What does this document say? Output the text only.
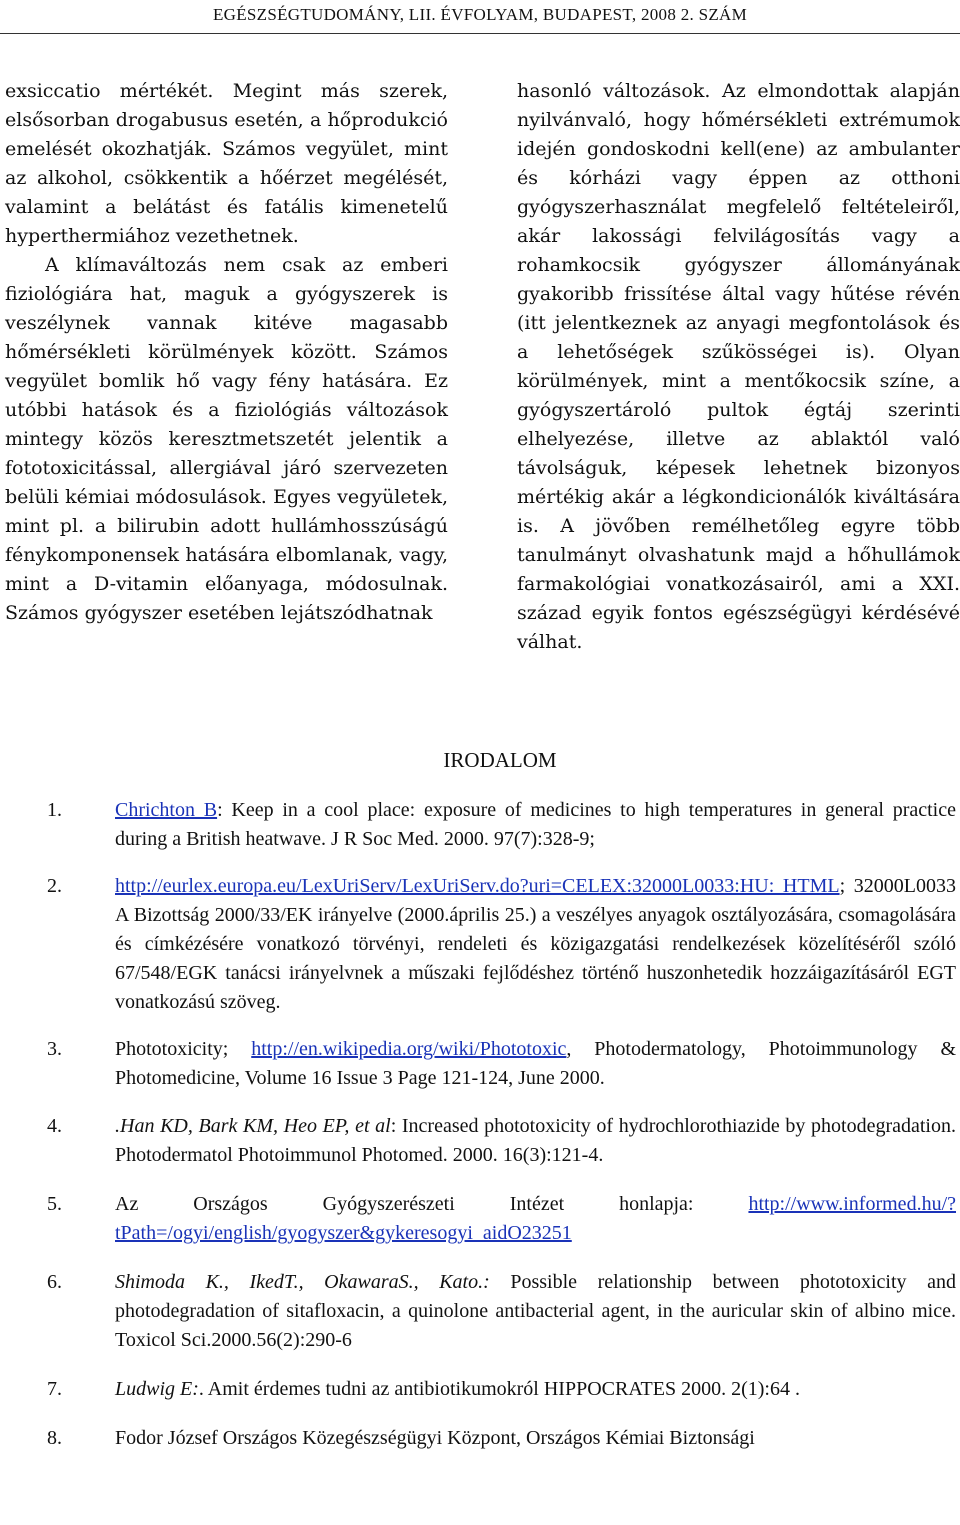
EGÉSZSÉGTUDOMÁNY, LII. ÉVFOLYAM, BUDAPEST, 2008 2. SZÁM

exsiccatio mértékét. Megint más szerek, elsősorban drogabusus esetén, a hőprodukció emelését okozhatják. Számos vegyület, mint az alkohol, csökkentik a hőérzet megélését, valamint a belátást és fatális kimenetelű hyperthermiához vezethetnek.

A klímaváltozás nem csak az emberi fiziológiára hat, maguk a gyógyszerek is veszélynek vannak kitéve magasabb hőmérsékleti körülmények között. Számos vegyület bomlik hő vagy fény hatására. Ez utóbbi hatások és a fiziológiás változások mintegy közös keresztmetszetét jelentik a fototoxicitással, allergiával járó szervezeten belüli kémiai módosulások. Egyes vegyületek, mint pl. a bilirubin adott hullámhosszúságú fénykomponensek hatására elbomlanak, vagy, mint a D-vitamin előanyaga, módosulnak. Számos gyógyszer esetében lejátszódhatnak

hasonló változások. Az elmondottak alapján nyilvánvaló, hogy hőmérsékleti extrémumok idején gondoskodni kell(ene) az ambulanter és kórházi vagy éppen az otthoni gyógyszerhasználat megfelelő feltételeiről, akár lakossági felvilágosítás vagy a rohamkocsik gyógyszer állományának gyakoribb frissítése által vagy hűtése révén (itt jelentkeznek az anyagi megfontolások és a lehetőségek szűkösségei is). Olyan körülmények, mint a mentőkocsik színe, a gyógyszertároló pultok égtáj szerinti elhelyezése, illetve az ablaktól való távolságuk, képesek lehetnek bizonyos mértékig akár a légkondicionálók kiváltására is. A jövőben remélhetőleg egyre több tanulmányt olvashatunk majd a hőhullámok farmakológiai vonatkozásairól, ami a XXI. század egyik fontos egészségügyi kérdésévé válhat.

IRODALOM
1.	Chrichton B: Keep in a cool place: exposure of medicines to high temperatures in general practice during a British heatwave. J R Soc Med. 2000. 97(7):328-9;
2.	http://eurlex.europa.eu/LexUriServ/LexUriServ.do?uri=CELEX:32000L0033:HU: HTML; 32000L0033 A Bizottság 2000/33/EK irányelve (2000.április 25.) a veszélyes anyagok osztályozására, csomagolására és címkézésére vonatkozó törvényi, rendeleti és közigazgatási rendelkezések közelítéséről szóló 67/548/EGK tanácsi irányelvnek a műszaki fejlődéshez történő huszonhetedik hozzáigazításáról EGT vonatkozású szöveg.
3.	Phototoxicity; http://en.wikipedia.org/wiki/Phototoxic, Photodermatology, Photoimmunology & Photomedicine, Volume 16 Issue 3 Page 121-124, June 2000.
4.	.Han KD, Bark KM, Heo EP, et al: Increased phototoxicity of hydrochlorothiazide by photodegradation. Photodermatol Photoimmunol Photomed. 2000. 16(3):121-4.
5.	Az Országos Gyógyszerészeti Intézet honlapja: http://www.informed.hu/?tPath=/ogyi/english/gyogyszer&gykeresogyi_aidO23251
6.	Shimoda K., IkedT., OkawaraS., Kato.: Possible relationship between phototoxicity and photodegradation of sitafloxacin, a quinolone antibacterial agent, in the auricular skin of albino mice. Toxicol Sci.2000.56(2):290-6
7.	Ludwig E:. Amit érdemes tudni az antibiotikumokról HIPPOCRATES 2000. 2(1):64 .
8.	Fodor József Országos Közegészségügyi Központ, Országos Kémiai Biztonsági
